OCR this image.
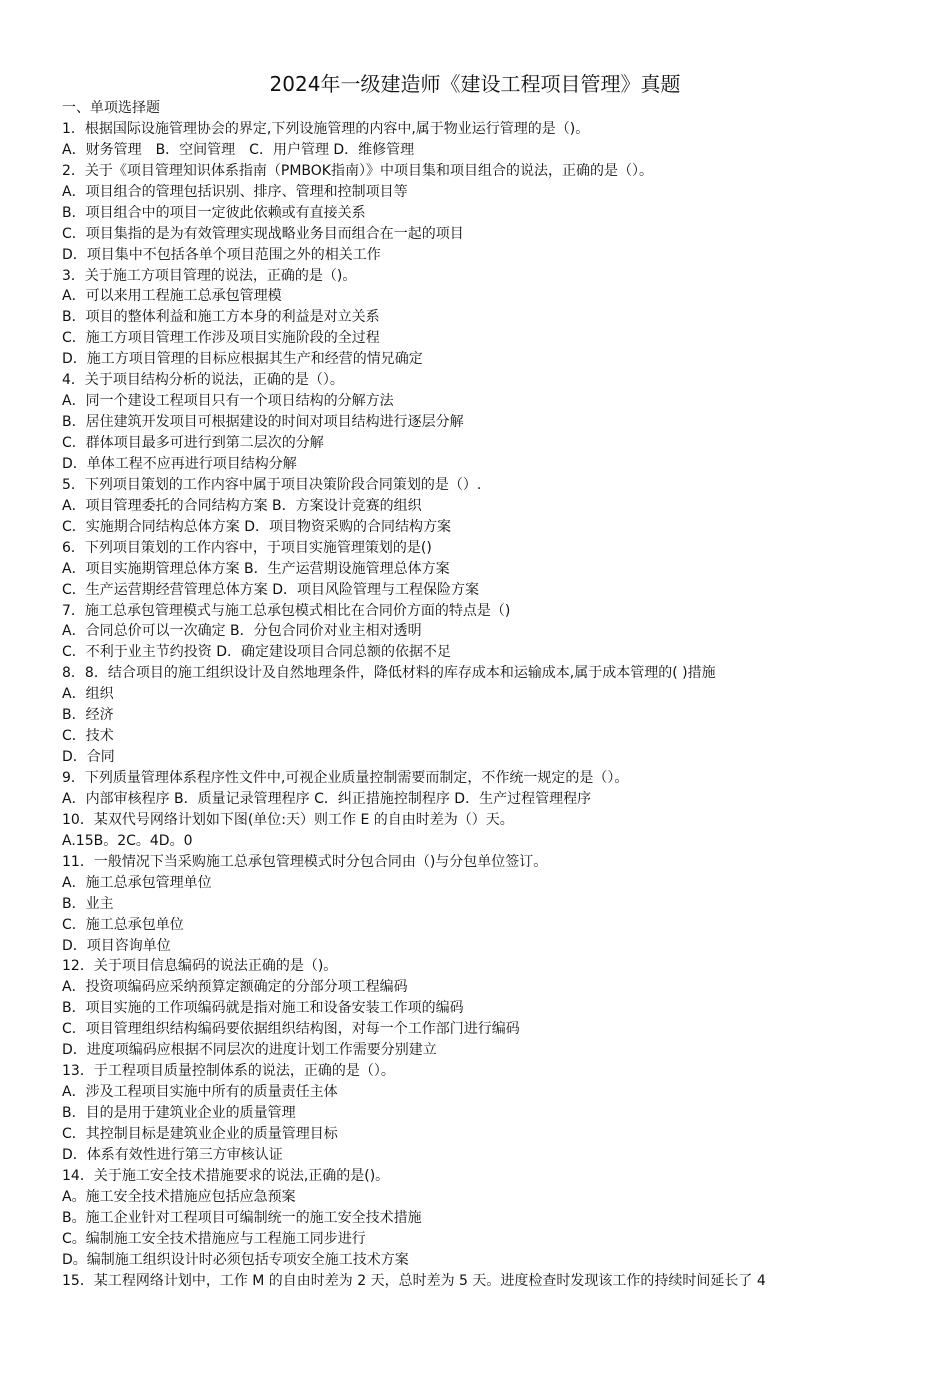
2024年一级建造师《建设工程项目管理》真题
一、单项选择题
1．根据国际设施管理协会的界定,下列设施管理的内容中,属于物业运行管理的是（)。
A．财务管理　B．空间管理　C．用户管理 D．维修管理
2．关于《项目管理知识体系指南（PMBOK指南）》中项目集和项目组合的说法，正确的是（）。
A．项目组合的管理包括识别、排序、管理和控制项目等
B．项目组合中的项目一定彼此依赖或有直接关系
C．项目集指的是为有效管理实现战略业务目而组合在一起的项目
D．项目集中不包括各单个项目范围之外的相关工作
3．关于施工方项目管理的说法，正确的是（)。
A．可以来用工程施工总承包管理模
B．项目的整体利益和施工方本身的利益是对立关系
C．施工方项目管理工作涉及项目实施阶段的全过程
D．施工方项目管理的目标应根据其生产和经营的情兄确定
4．关于项目结构分析的说法，正确的是（）。
A．同一个建设工程项目只有一个项日结构的分解方法
B．居住建筑开发项目可根据建设的时间对项目结构进行逐层分解
C．群体项目最多可进行到第二层次的分解
D．单体工程不应再进行项目结构分解
5．下列项目策划的工作内容中属于项目决策阶段合同策划的是（）.
A．项目管理委托的合同结构方案 B．方案设计竞赛的组织
C．实施期合同结构总体方案 D．项目物资采购的合同结构方案
6．下列项目策划的工作内容中，于项目实施管理策划的是()
A．项目实施期管理总体方案 B．生产运营期设施管理总体方案
C．生产运营期经营管理总体方案 D．项目风险管理与工程保险方案
7．施工总承包管理模式与施工总承包模式相比在合同价方面的特点是（)
A．合同总价可以一次确定 B．分包合同价对业主相对透明
C．不利于业主节约投资 D．确定建设项目合同总额的依据不足
8．8．结合项目的施工组织设计及自然地理条件，降低材料的库存成本和运输成本,属于成本管理的( )措施
A．组织
B．经济
C．技术
D．合同
9．下列质量管理体系程序性文件中,可视企业质量控制需要而制定，不作统一规定的是（）。
A．内部审核程序 B．质量记录管理程序 C．纠正措施控制程序 D．生产过程管理程序
10．某双代号网络计划如下图(单位:天）则工作 E 的自由时差为（）天。
A.15B。2C。4D。0
11．一般情况下当采购施工总承包管理模式时分包合同由（)与分包单位签订。
A．施工总承包管理单位
B．业主
C．施工总承包单位
D．项目咨询单位
12．关于项目信息编码的说法正确的是（)。
A．投资项编码应采纳预算定额确定的分部分项工程编码
B．项目实施的工作项编码就是指对施工和设备安装工作项的编码
C．项目管理组织结构编码要依据组织结构图，对每一个工作部门进行编码
D．进度项编码应根据不同层次的进度计划工作需要分别建立
13．于工程项目质量控制体系的说法，正确的是（）。
A．涉及工程项目实施中所有的质量责任主体
B．目的是用于建筑业企业的质量管理
C．其控制目标是建筑业企业的质量管理目标
D．体系有效性进行第三方审核认证
14．关于施工安全技术措施要求的说法,正确的是()。
A。施工安全技术措施应包括应急预案
B。施工企业针对工程项目可编制统一的施工安全技术措施
C。编制施工安全技术措施应与工程施工同步进行
D。编制施工组织设计时必须包括专项安全施工技术方案
15．某工程网络计划中，工作 M 的自由时差为 2 天，总时差为 5 天。进度检查时发现该工作的持续时间延长了 4
